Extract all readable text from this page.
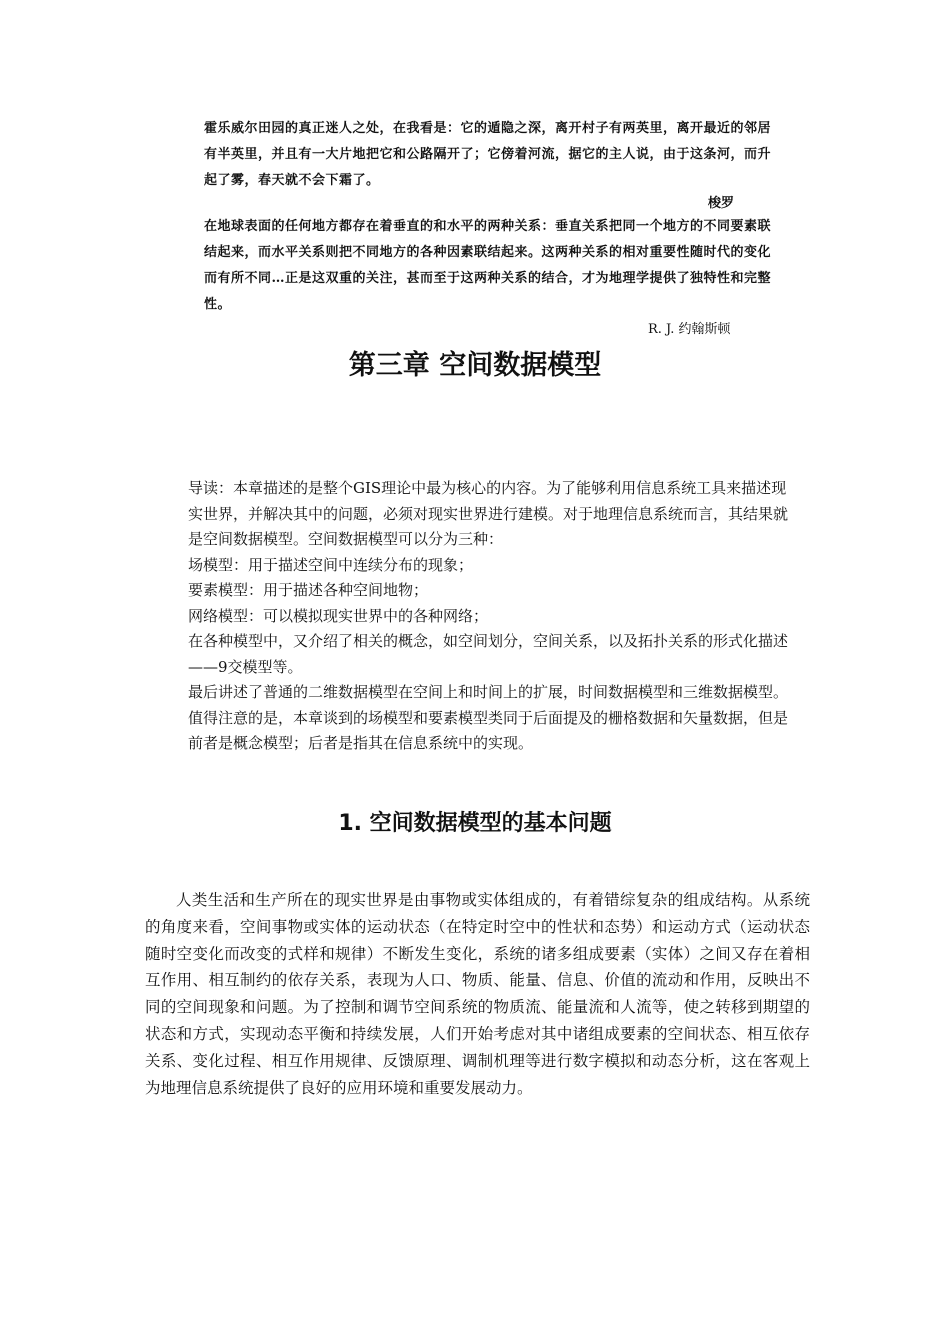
霍乐威尔田园的真正迷人之处，在我看是：它的遁隐之深，离开村子有两英里，离开最近的邻居有半英里，并且有一大片地把它和公路隔开了；它傍着河流，据它的主人说，由于这条河，而升起了雾，春天就不会下霜了。

梭罗

在地球表面的任何地方都存在着垂直的和水平的两种关系：垂直关系把同一个地方的不同要素联结起来，而水平关系则把不同地方的各种因素联结起来。这两种关系的相对重要性随时代的变化而有所不同…正是这双重的关注，甚而至于这两种关系的结合，才为地理学提供了独特性和完整性。

R. J. 约翰斯顿
第三章 空间数据模型

导读：本章描述的是整个GIS理论中最为核心的内容。为了能够利用信息系统工具来描述现实世界，并解决其中的问题，必须对现实世界进行建模。对于地理信息系统而言，其结果就是空间数据模型。空间数据模型可以分为三种：

场模型：用于描述空间中连续分布的现象；

要素模型：用于描述各种空间地物；

网络模型：可以模拟现实世界中的各种网络；

在各种模型中，又介绍了相关的概念，如空间划分，空间关系，以及拓扑关系的形式化描述——9交模型等。

最后讲述了普通的二维数据模型在空间上和时间上的扩展，时间数据模型和三维数据模型。

值得注意的是，本章谈到的场模型和要素模型类同于后面提及的栅格数据和矢量数据，但是前者是概念模型；后者是指其在信息系统中的实现。

1. 空间数据模型的基本问题

人类生活和生产所在的现实世界是由事物或实体组成的，有着错综复杂的组成结构。从系统的角度来看，空间事物或实体的运动状态（在特定时空中的性状和态势）和运动方式（运动状态随时空变化而改变的式样和规律）不断发生变化，系统的诸多组成要素（实体）之间又存在着相互作用、相互制约的依存关系，表现为人口、物质、能量、信息、价值的流动和作用，反映出不同的空间现象和问题。为了控制和调节空间系统的物质流、能量流和人流等，使之转移到期望的状态和方式，实现动态平衡和持续发展，人们开始考虑对其中诸组成要素的空间状态、相互依存关系、变化过程、相互作用规律、反馈原理、调制机理等进行数字模拟和动态分析，这在客观上为地理信息系统提供了良好的应用环境和重要发展动力。
